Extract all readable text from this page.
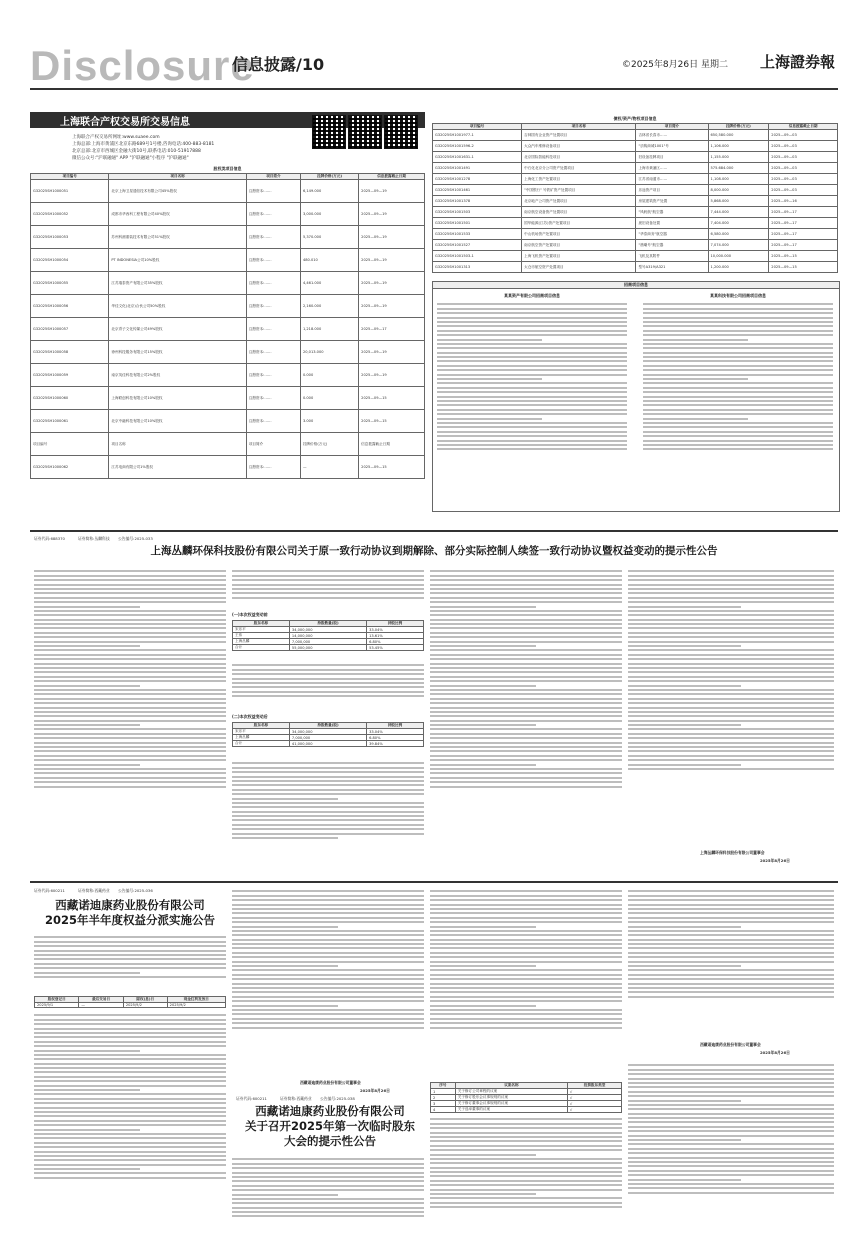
Disclosure
信息披露/10	©2025年8月26日 星期二 上海證券報
上海联合产权交易所交易信息
上海联合产权交易所网址:www.suaee.com
上海总部:上海市黄浦区北京东路689号1号楼,咨询电话:400-883-8181
北京总部:北京市西城区金融大街10号,联系电话:010-51917888
微信公众号:"沪联融通" APP "沪联融通"小程序 "沪联融通"
股权类项目信息
项目编号	项目名称	项目简介	挂牌价格(万元)	信息披露截止日期
G32025SH1000051	北京上海卫星通信技术有限公司45%股权	注册资本:……	6,149.000	2025—09—19
G32025SH1000052	成都市华西科工程有限公司40%股权	注册资本:……	3,000.000	2025—09—19
G32025SH1000053	苏州科测重装技术有限公司51%股权	注册资本:……	5,370.000	2025—09—19
G32025SH1000054	PT INDONESIA公司10%股权	注册资本:……	480.010	2025—09—19
G32025SH1000055	江苏瑞泰资产有限公司35%股权	注册资本:……	4,461.000	2025—09—19
G32025SH1000056	华佳文化(北京)合伙公司50%股权	注册资本:……	2,160.000	2025—09—19
G32025SH1000057	北京青子文化传媒公司49%股权	注册资本:……	1,218.000	2025—09—17
G32025SH1000058	徐州科技服务有限公司15%股权	注册资本:……	20,013.000	2025—09—19
G32025SH1000059	南京英佳科技有限公司2%股权	注册资本:……	0.000	2025—09—19
G32025SH1000060	上海联创科技有限公司10%股权	注册资本:……	0.000	2025—09—15
G32025SH1000061	北京中融科技有限公司10%股权	注册资本:……	3.000	2025—09—15
项目编号	项目名称	项目简介	挂牌价格(万元)	信息披露截止日期
G32025SH1000062	江苏电商有限公司1%股权	注册资本:……	—	2025—09—15
债权/资产/物权项目信息
项目编号	项目名称	项目简介	挂牌价格(万元)	信息披露截止日期
G32025SH1001977-1	吉林国有企业资产处置项目	吉林省长春市……	650,580.000	2025—09—03
G32025SH1001596-2	大众汽车维修设备项目	"乐购商城1001"号	1,106.000	2025—09—03
G32025SH1001631-1	北京国际智能科技项目	旧设备挂牌项目	1,155.000	2025—09—03
G32025SH1001491	中石化北京分公司资产处置项目	上海市黄浦区……	575.684.000	2025—09—03
G32025SH1001278	上海化工资产处置项目	江苏省南通市……	1,108.000	2025—09—03
G32025SH1001461	"中国银行" 号铁矿资产处置项目	乐途资产项目	8,000.000	2025—09—03
G32025SH1001378	北京地产公司资产处置项目	房屋建筑资产处置	5,868.000	2025—09—16
G32025SH1001503	南京航空设备资产处置项目	"风帆航"航空器	7,444.000	2025—09—17
G32025SH1001501	国华能源(江苏)资产处置项目	废旧设备处置	7,404.000	2025—09—17
G32025SH1001533	中山机场资产处置项目	"华泰商务"航空器	6,580.000	2025—09—17
G32025SH1001527	南京航空资产处置项目	"晨曦号"航空器	7,074.000	2025—09—17
G32025SH1001503-1	上海飞机资产处置项目	飞机及其附件	10,000.000	2025—09—15
G32025SH1001313	太仓市航空资产处置项目	型号A319/A321	1,200.000	2025—09—15
招商项目信息
某某资产有限公司招商项目信息	某某科技有限公司招商项目信息
证券代码:688370	证券简称:丛麟科技 公告编号:2025-033
上海丛麟环保科技股份有限公司关于原一致行动协议到期解除、部分实际控制人续签一致行动协议暨权益变动的提示性公告
(一)本次权益变动前
股东名称	持股数量(股)	持股比例
宋乐平	34,000,000	33.04%
王伟	14,000,000	13.61%
上海丛麟	7,000,000	6.80%
合计	55,000,000	53.45%
(二)本次权益变动后
股东名称	持股数量(股)	持股比例
宋乐平	34,000,000	33.04%
上海丛麟	7,000,000	6.80%
合计	41,000,000	39.84%
上海丛麟环保科技股份有限公司董事会
2025年8月26日
证券代码:600211	证券简称:西藏药业 公告编号:2025-036
西藏诺迪康药业股份有限公司
2025年半年度权益分派实施公告
股权登记日	最后交易日	除权(息)日	现金红利发放日
2025/9/1	—	2025/9/2	2025/9/2
西藏诺迪康药业股份有限公司董事会
2025年8月26日
证券代码:600211	证券简称:西藏药业 公告编号:2025-038
西藏诺迪康药业股份有限公司
关于召开2025年第一次临时股东
大会的提示性公告
序号	议案名称	投票股东类型
1	关于修订公司章程的议案	√
2	关于修订股东会议事规则的议案	√
3	关于修订董事会议事规则的议案	√
4	关于选举董事的议案	√
西藏诺迪康药业股份有限公司董事会
2025年8月26日
